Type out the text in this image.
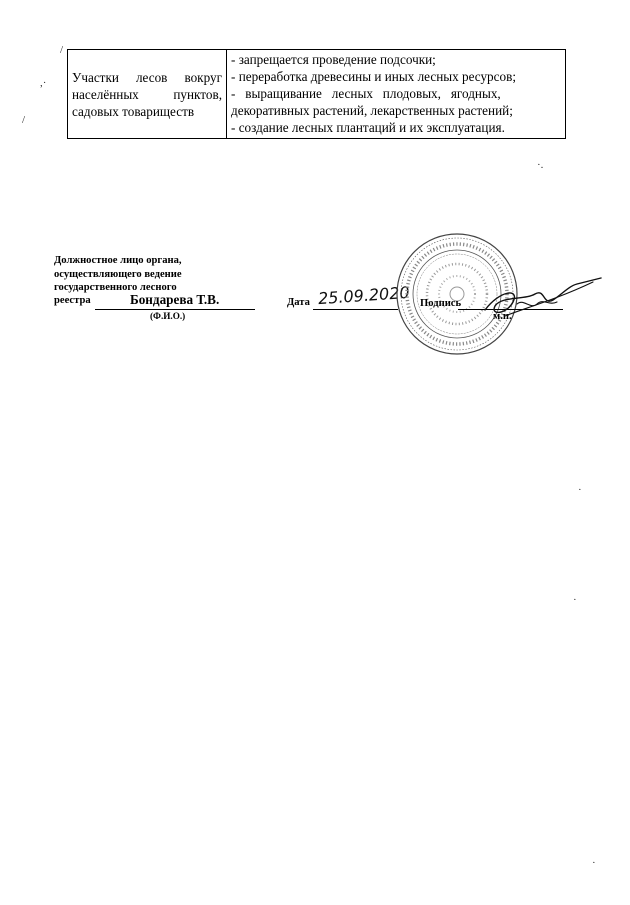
/
,·
/
·.
Участки лесов вокруг
населённых	пунктов,
садовых товариществ

- запрещается проведение подсочки;
- переработка древесины и иных лесных ресурсов;
-   выращивание   лесных   плодовых,   ягодных,
декоративных растений, лекарственных растений;
- создание лесных плантаций и их эксплуатация.
Должностное лицо органа,
осуществляющего ведение
государственного лесного
реестра	Бондарева Т.В.
(Ф.И.О.)
Дата 25.09.2020 Подпись
м.п.
·
·
·
